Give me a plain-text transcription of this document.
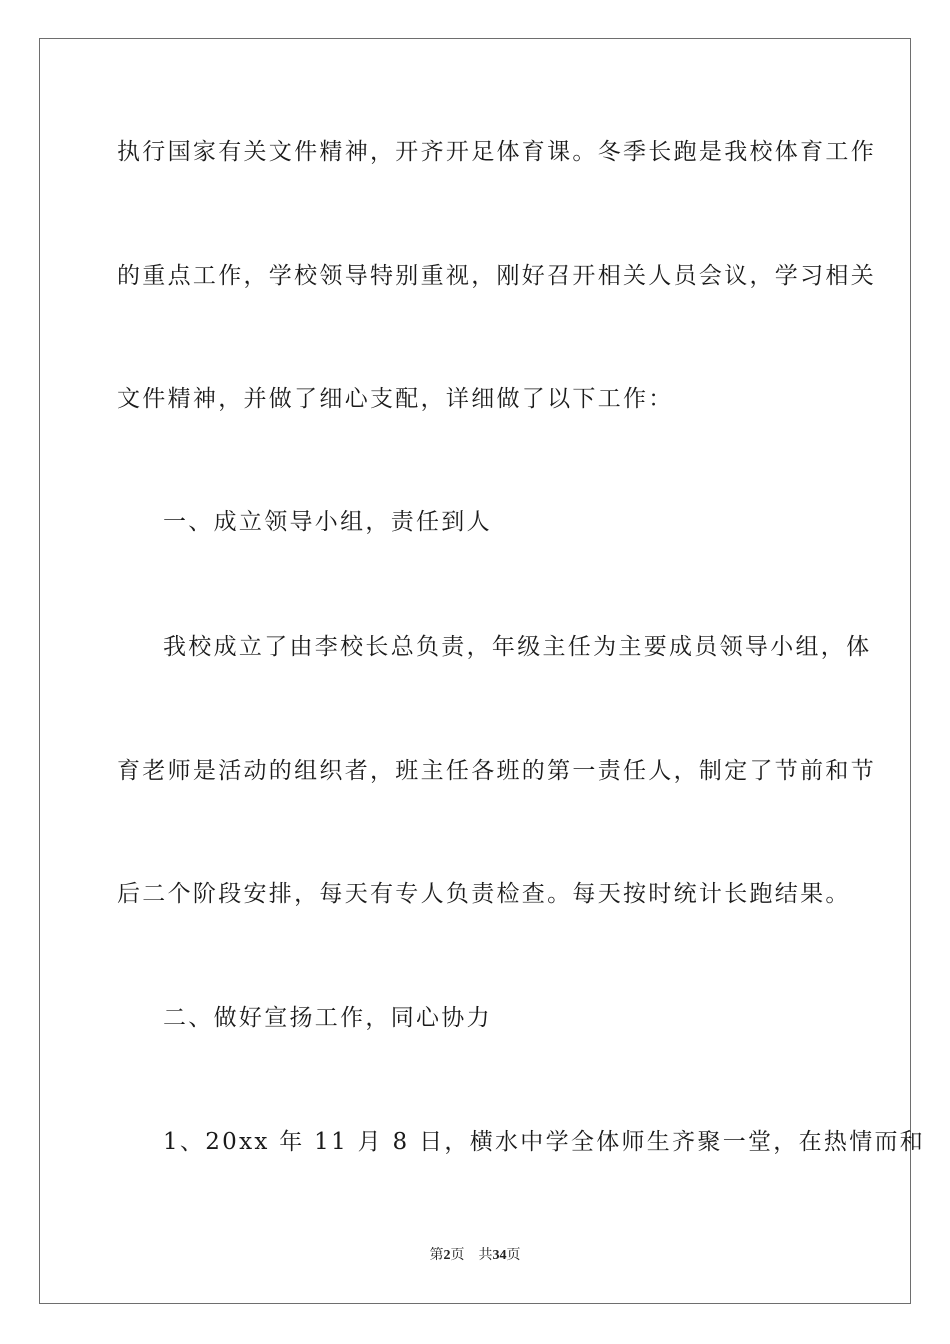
执行国家有关文件精神，开齐开足体育课。冬季长跑是我校体育工作
的重点工作，学校领导特别重视，刚好召开相关人员会议，学习相关
文件精神，并做了细心支配，详细做了以下工作：
一、成立领导小组，责任到人
我校成立了由李校长总负责，年级主任为主要成员领导小组，体
育老师是活动的组织者，班主任各班的第一责任人，制定了节前和节
后二个阶段安排，每天有专人负责检查。每天按时统计长跑结果。
二、做好宣扬工作，同心协力
1、20xx 年 11 月 8 日，横水中学全体师生齐聚一堂，在热情而和
第2页 共34页
